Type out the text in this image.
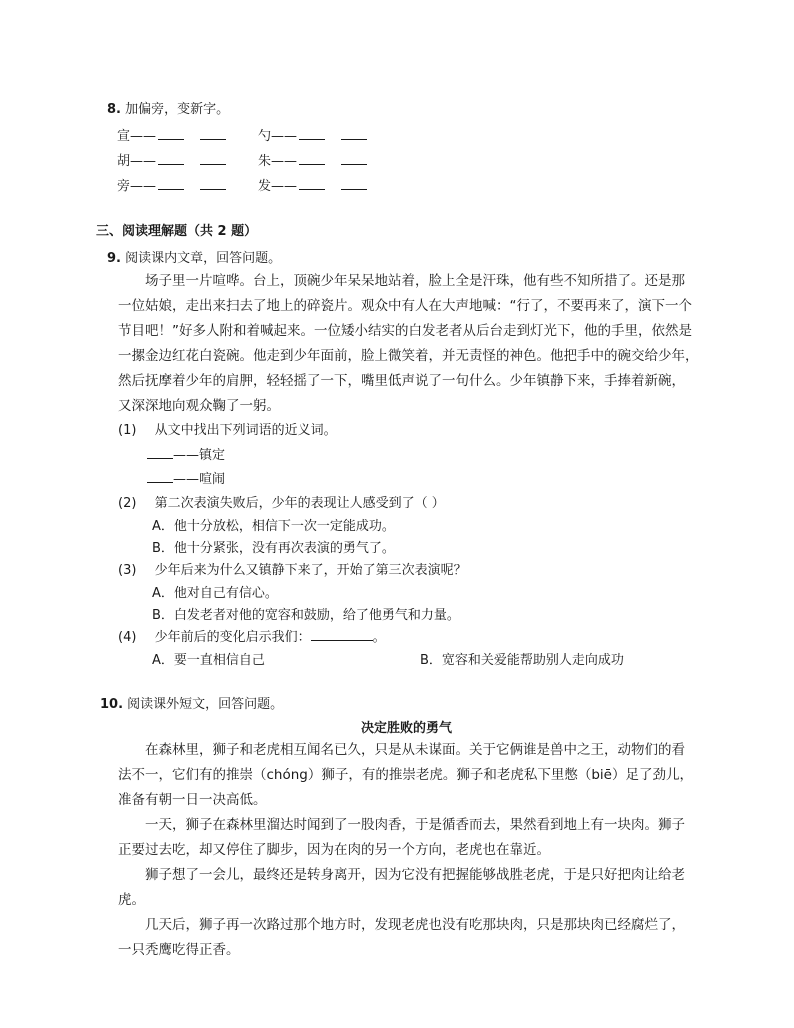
8. 加偏旁，变新字。
宣——	勺——
胡——	朱——
旁——	发——
三、阅读理解题（共 2 题）
9. 阅读课内文章，回答问题。
场子里一片喧哗。台上，顶碗少年呆呆地站着，脸上全是汗珠，他有些不知所措了。还是那
一位姑娘，走出来扫去了地上的碎瓷片。观众中有人在大声地喊：“行了，不要再来了，演下一个
节目吧！”好多人附和着喊起来。一位矮小结实的白发老者从后台走到灯光下，他的手里，依然是
一摞金边红花白瓷碗。他走到少年面前，脸上微笑着，并无责怪的神色。他把手中的碗交给少年，
然后抚摩着少年的肩胛，轻轻摇了一下，嘴里低声说了一句什么。少年镇静下来，手捧着新碗，
又深深地向观众鞠了一躬。
(1) 从文中找出下列词语的近义词。
——镇定
——喧闹
(2) 第二次表演失败后，少年的表现让人感受到了（ ）
A．他十分放松，相信下一次一定能成功。
B．他十分紧张，没有再次表演的勇气了。
(3) 少年后来为什么又镇静下来了，开始了第三次表演呢？
A．他对自己有信心。
B．白发老者对他的宽容和鼓励，给了他勇气和力量。
(4) 少年前后的变化启示我们：	。
A．要一直相信自己	B．宽容和关爱能帮助别人走向成功
10. 阅读课外短文，回答问题。
决定胜败的勇气
在森林里，狮子和老虎相互闻名已久，只是从未谋面。关于它俩谁是兽中之王，动物们的看
法不一，它们有的推崇（chóng）狮子，有的推崇老虎。狮子和老虎私下里憋（biē）足了劲儿，
准备有朝一日一决高低。
一天，狮子在森林里溜达时闻到了一股肉香，于是循香而去，果然看到地上有一块肉。狮子
正要过去吃，却又停住了脚步，因为在肉的另一个方向，老虎也在靠近。
狮子想了一会儿，最终还是转身离开，因为它没有把握能够战胜老虎，于是只好把肉让给老
虎。
几天后，狮子再一次路过那个地方时，发现老虎也没有吃那块肉，只是那块肉已经腐烂了，
一只秃鹰吃得正香。
